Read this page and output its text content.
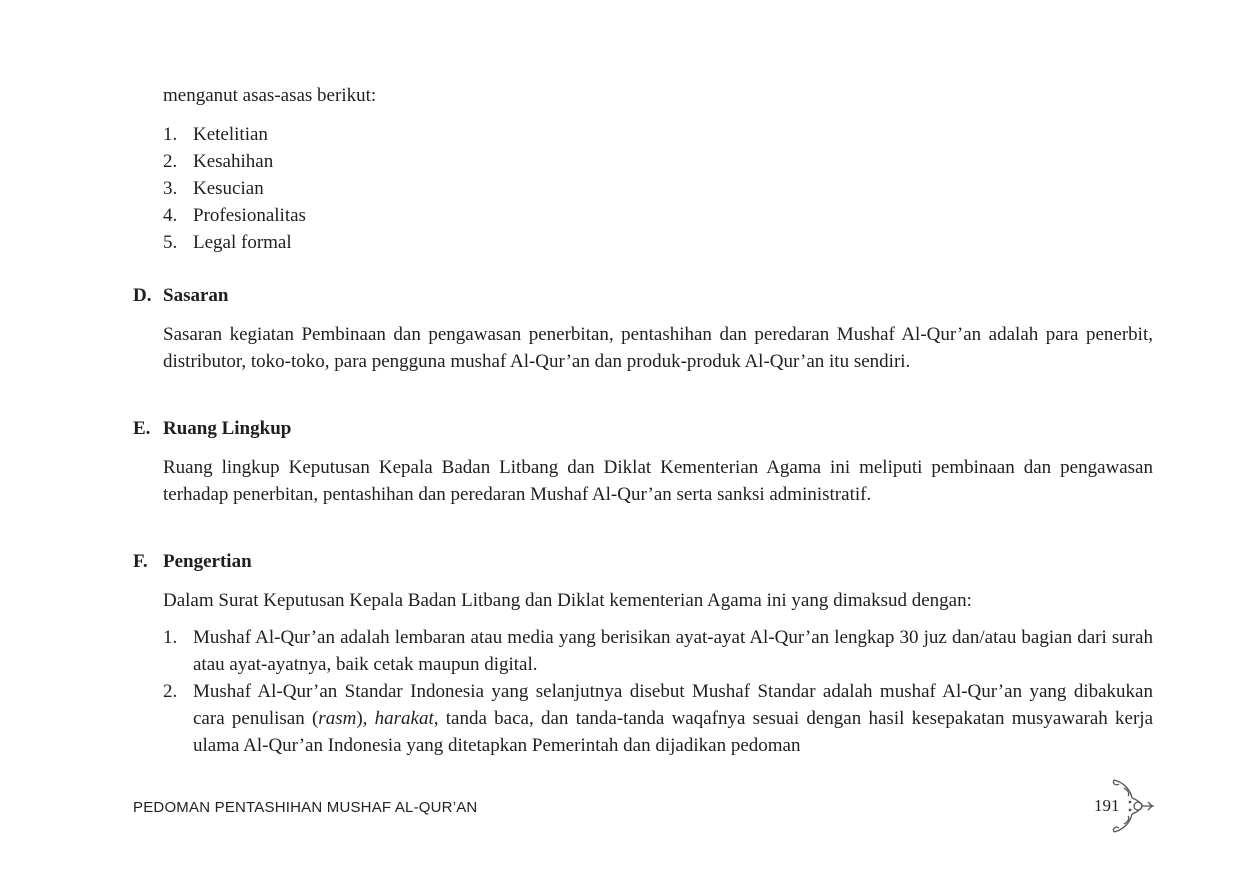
menganut asas-asas berikut:

1. Ketelitian
2. Kesahihan
3. Kesucian
4. Profesionalitas
5. Legal formal
D. Sasaran

Sasaran kegiatan Pembinaan dan pengawasan penerbitan, pentashihan dan peredaran Mushaf Al-Qur’an adalah para penerbit, distributor, toko-toko, para pengguna mushaf Al-Qur’an dan produk-produk Al-Qur’an itu sendiri.

E. Ruang Lingkup

Ruang lingkup Keputusan Kepala Badan Litbang dan Diklat Kementerian Agama ini meliputi pembinaan dan pengawasan terhadap penerbitan, pentashihan dan peredaran Mushaf Al-Qur’an serta sanksi administratif.

F. Pengertian

Dalam Surat Keputusan Kepala Badan Litbang dan Diklat kementerian Agama ini yang dimaksud dengan:

1. Mushaf Al-Qur’an adalah lembaran atau media yang berisikan ayat-ayat Al-Qur’an lengkap 30 juz dan/atau bagian dari surah atau ayat-ayatnya, baik cetak maupun digital.
2. Mushaf Al-Qur’an Standar Indonesia yang selanjutnya disebut Mushaf Standar adalah mushaf Al-Qur’an yang dibakukan cara penulisan (rasm), harakat, tanda baca, dan tanda-tanda waqafnya sesuai dengan hasil kesepakatan musyawarah kerja ulama Al-Qur’an Indonesia yang ditetapkan Pemerintah dan dijadikan pedoman
PEDOMAN PENTASHIHAN MUSHAF AL-QUR’AN	191
